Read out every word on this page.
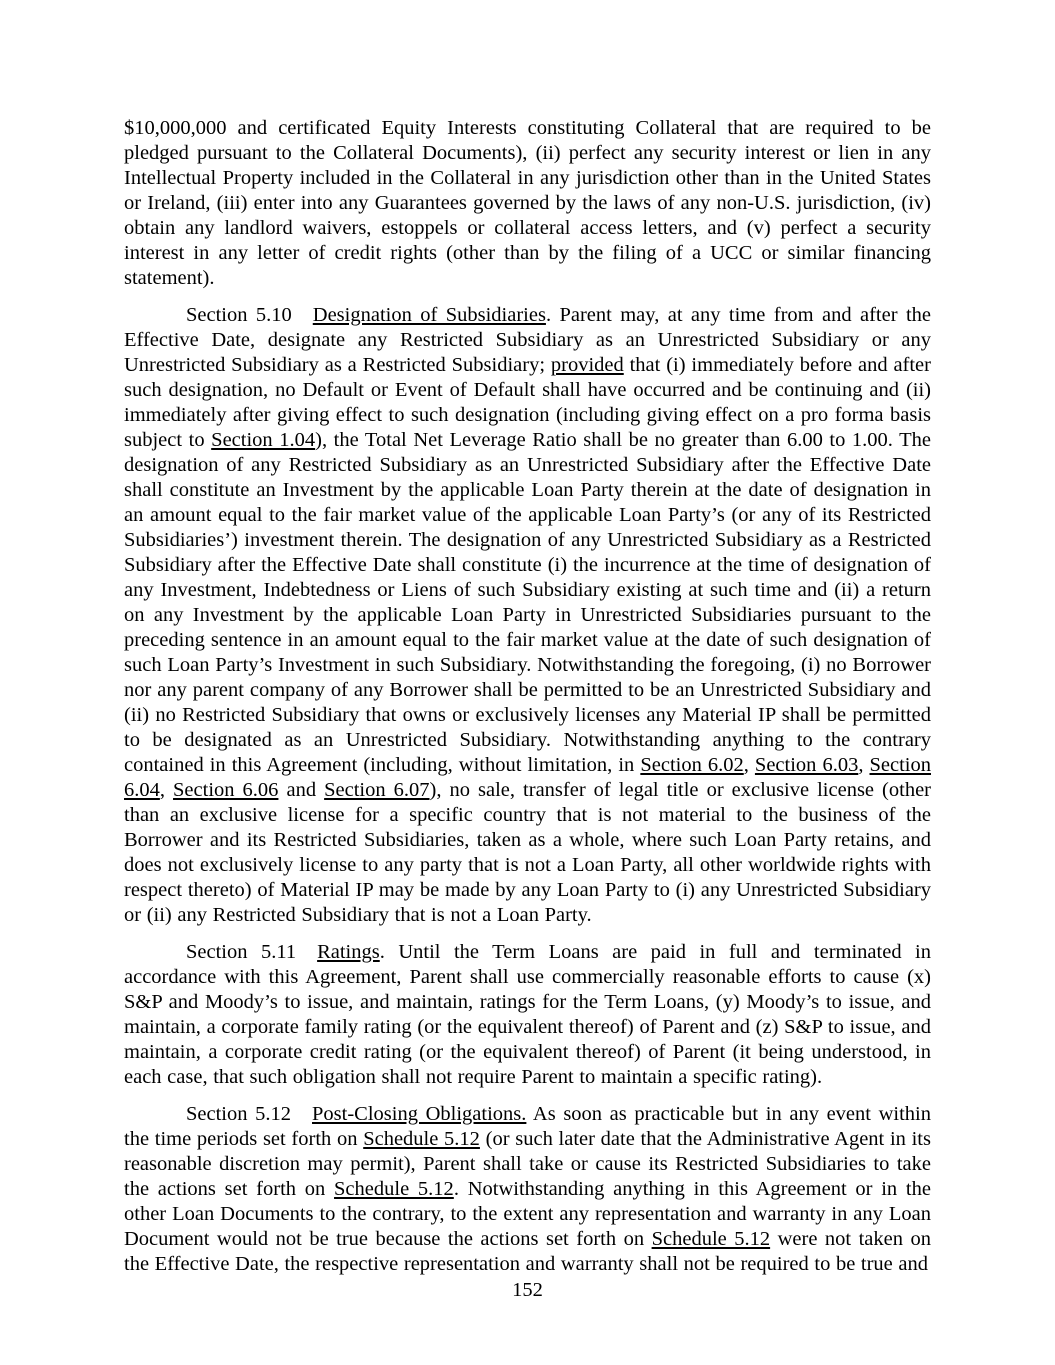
$10,000,000 and certificated Equity Interests constituting Collateral that are required to be pledged pursuant to the Collateral Documents), (ii) perfect any security interest or lien in any Intellectual Property included in the Collateral in any jurisdiction other than in the United States or Ireland, (iii) enter into any Guarantees governed by the laws of any non-U.S. jurisdiction, (iv) obtain any landlord waivers, estoppels or collateral access letters, and (v) perfect a security interest in any letter of credit rights (other than by the filing of a UCC or similar financing statement).

Section 5.10 Designation of Subsidiaries. Parent may, at any time from and after the Effective Date, designate any Restricted Subsidiary as an Unrestricted Subsidiary or any Unrestricted Subsidiary as a Restricted Subsidiary; provided that (i) immediately before and after such designation, no Default or Event of Default shall have occurred and be continuing and (ii) immediately after giving effect to such designation (including giving effect on a pro forma basis subject to Section 1.04), the Total Net Leverage Ratio shall be no greater than 6.00 to 1.00. The designation of any Restricted Subsidiary as an Unrestricted Subsidiary after the Effective Date shall constitute an Investment by the applicable Loan Party therein at the date of designation in an amount equal to the fair market value of the applicable Loan Party’s (or any of its Restricted Subsidiaries’) investment therein. The designation of any Unrestricted Subsidiary as a Restricted Subsidiary after the Effective Date shall constitute (i) the incurrence at the time of designation of any Investment, Indebtedness or Liens of such Subsidiary existing at such time and (ii) a return on any Investment by the applicable Loan Party in Unrestricted Subsidiaries pursuant to the preceding sentence in an amount equal to the fair market value at the date of such designation of such Loan Party’s Investment in such Subsidiary. Notwithstanding the foregoing, (i) no Borrower nor any parent company of any Borrower shall be permitted to be an Unrestricted Subsidiary and (ii) no Restricted Subsidiary that owns or exclusively licenses any Material IP shall be permitted to be designated as an Unrestricted Subsidiary. Notwithstanding anything to the contrary contained in this Agreement (including, without limitation, in Section 6.02, Section 6.03, Section 6.04, Section 6.06 and Section 6.07), no sale, transfer of legal title or exclusive license (other than an exclusive license for a specific country that is not material to the business of the Borrower and its Restricted Subsidiaries, taken as a whole, where such Loan Party retains, and does not exclusively license to any party that is not a Loan Party, all other worldwide rights with respect thereto) of Material IP may be made by any Loan Party to (i) any Unrestricted Subsidiary or (ii) any Restricted Subsidiary that is not a Loan Party.

Section 5.11 Ratings. Until the Term Loans are paid in full and terminated in accordance with this Agreement, Parent shall use commercially reasonable efforts to cause (x) S&P and Moody’s to issue, and maintain, ratings for the Term Loans, (y) Moody’s to issue, and maintain, a corporate family rating (or the equivalent thereof) of Parent and (z) S&P to issue, and maintain, a corporate credit rating (or the equivalent thereof) of Parent (it being understood, in each case, that such obligation shall not require Parent to maintain a specific rating).

Section 5.12 Post-Closing Obligations. As soon as practicable but in any event within the time periods set forth on Schedule 5.12 (or such later date that the Administrative Agent in its reasonable discretion may permit), Parent shall take or cause its Restricted Subsidiaries to take the actions set forth on Schedule 5.12. Notwithstanding anything in this Agreement or in the other Loan Documents to the contrary, to the extent any representation and warranty in any Loan Document would not be true because the actions set forth on Schedule 5.12 were not taken on the Effective Date, the respective representation and warranty shall not be required to be true and

152
